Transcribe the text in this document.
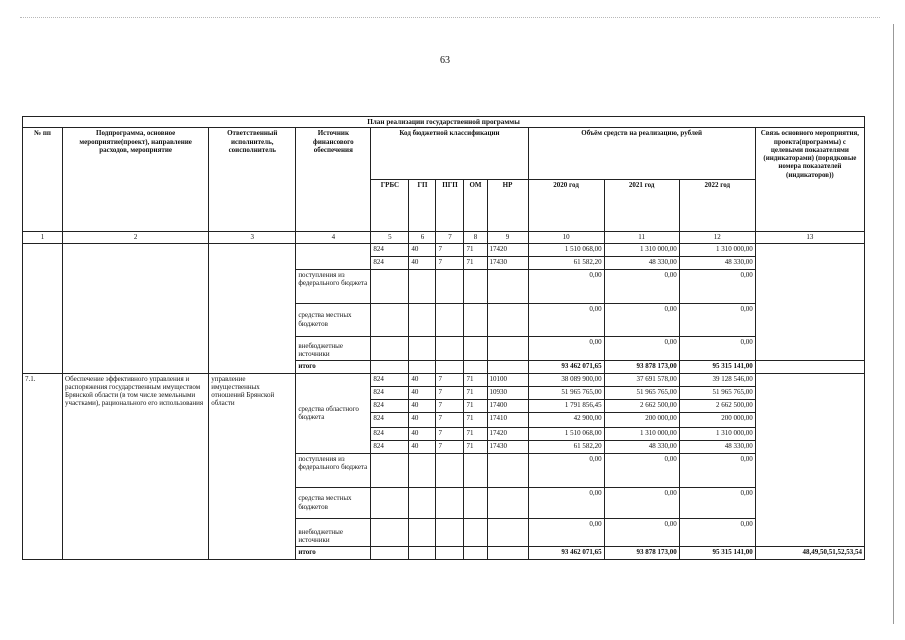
63
План реализации государственной программы												
№ пп	Подпрограмма, основное мероприятие(проект), направление расходов, мероприятие	Ответственный исполнитель, соисполнитель	Источник финансового обеспечения	Код бюджетной классификации					Объём средств на реализацию, рублей			Связь основного мероприятия, проекта(программы) с целевыми показателями (индикаторами) (порядковые номера показателей (индикаторов))
				ГРБС	ГП	ПГП	ОМ	НР	2020 год	2021 год	2022 год	
1	2	3	4	5	6	7	8	9	10	11	12	13
				824	40	7	71	17420	1 510 068,00	1 310 000,00	1 310 000,00	
				824	40	7	71	17430	61 582,20	48 330,00	48 330,00	
			поступления из федерального бюджета						0,00	0,00	0,00	
			средства местных бюджетов						0,00	0,00	0,00	
			внебюджетные источники						0,00	0,00	0,00	
			итого						93 462 071,65	93 878 173,00	95 315 141,00	
7.1.	Обеспечение эффективного управления и распоряжения государственным имуществом Брянской области (в том числе земельными участками), рационального его использования	управление имущественных отношений Брянской области	средства областного бюджета	824	40	7	71	10100	38 089 900,00	37 691 578,00	39 128 546,00	
				824	40	7	71	10930	51 965 765,00	51 965 765,00	51 965 765,00	
				824	40	7	71	17400	1 791 856,45	2 662 500,00	2 662 500,00	
				824	40	7	71	17410	42 900,00	200 000,00	200 000,00	
				824	40	7	71	17420	1 510 068,00	1 310 000,00	1 310 000,00	
				824	40	7	71	17430	61 582,20	48 330,00	48 330,00	
			поступления из федерального бюджета						0,00	0,00	0,00	
			средства местных бюджетов						0,00	0,00	0,00	
			внебюджетные источники						0,00	0,00	0,00	
			итого						93 462 071,65	93 878 173,00	95 315 141,00	48,49,50,51,52,53,54
